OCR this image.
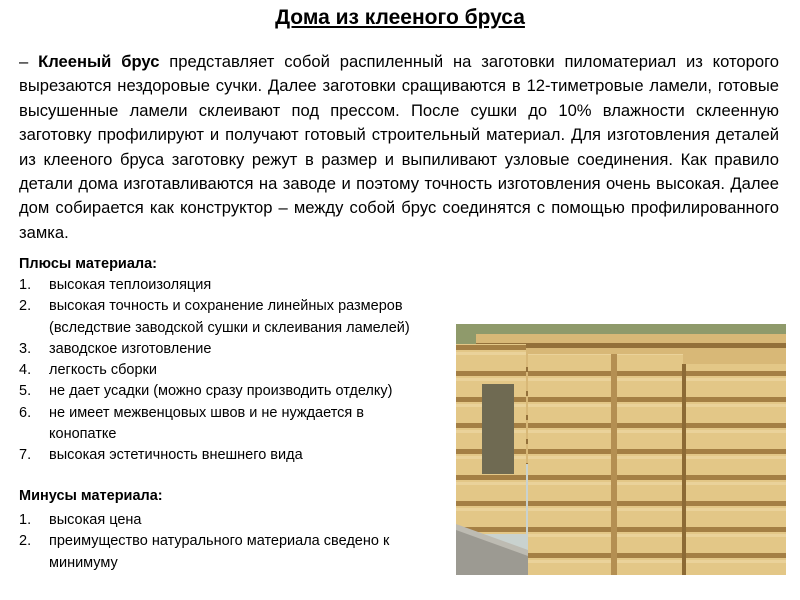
Дома из клееного бруса

– Клееный брус представляет собой распиленный на заготовки пиломатериал из которого вырезаются нездоровые сучки. Далее заготовки сращиваются в 12-тиметровые ламели, готовые высушенные ламели склеивают под прессом. После сушки до 10% влажности склеенную заготовку профилируют и получают готовый строительный материал. Для изготовления деталей из клееного бруса заготовку режут в размер и выпиливают узловые соединения. Как правило детали дома изготавливаются на заводе и поэтому точность изготовления очень высокая. Далее дом собирается как конструктор – между собой брус соединятся с помощью профилированного замка.

Плюсы материала:
1. высокая теплоизоляция
2. высокая точность и сохранение линейных размеров (вследствие заводской сушки и склеивания ламелей)
3. заводское изготовление
4. легкость сборки
5. не дает усадки (можно сразу производить отделку)
6. не имеет межвенцовых швов и не нуждается в конопатке
7. высокая эстетичность внешнего вида
Минусы материала:
1. высокая цена
2. преимущество натурального материала сведено к минимуму
